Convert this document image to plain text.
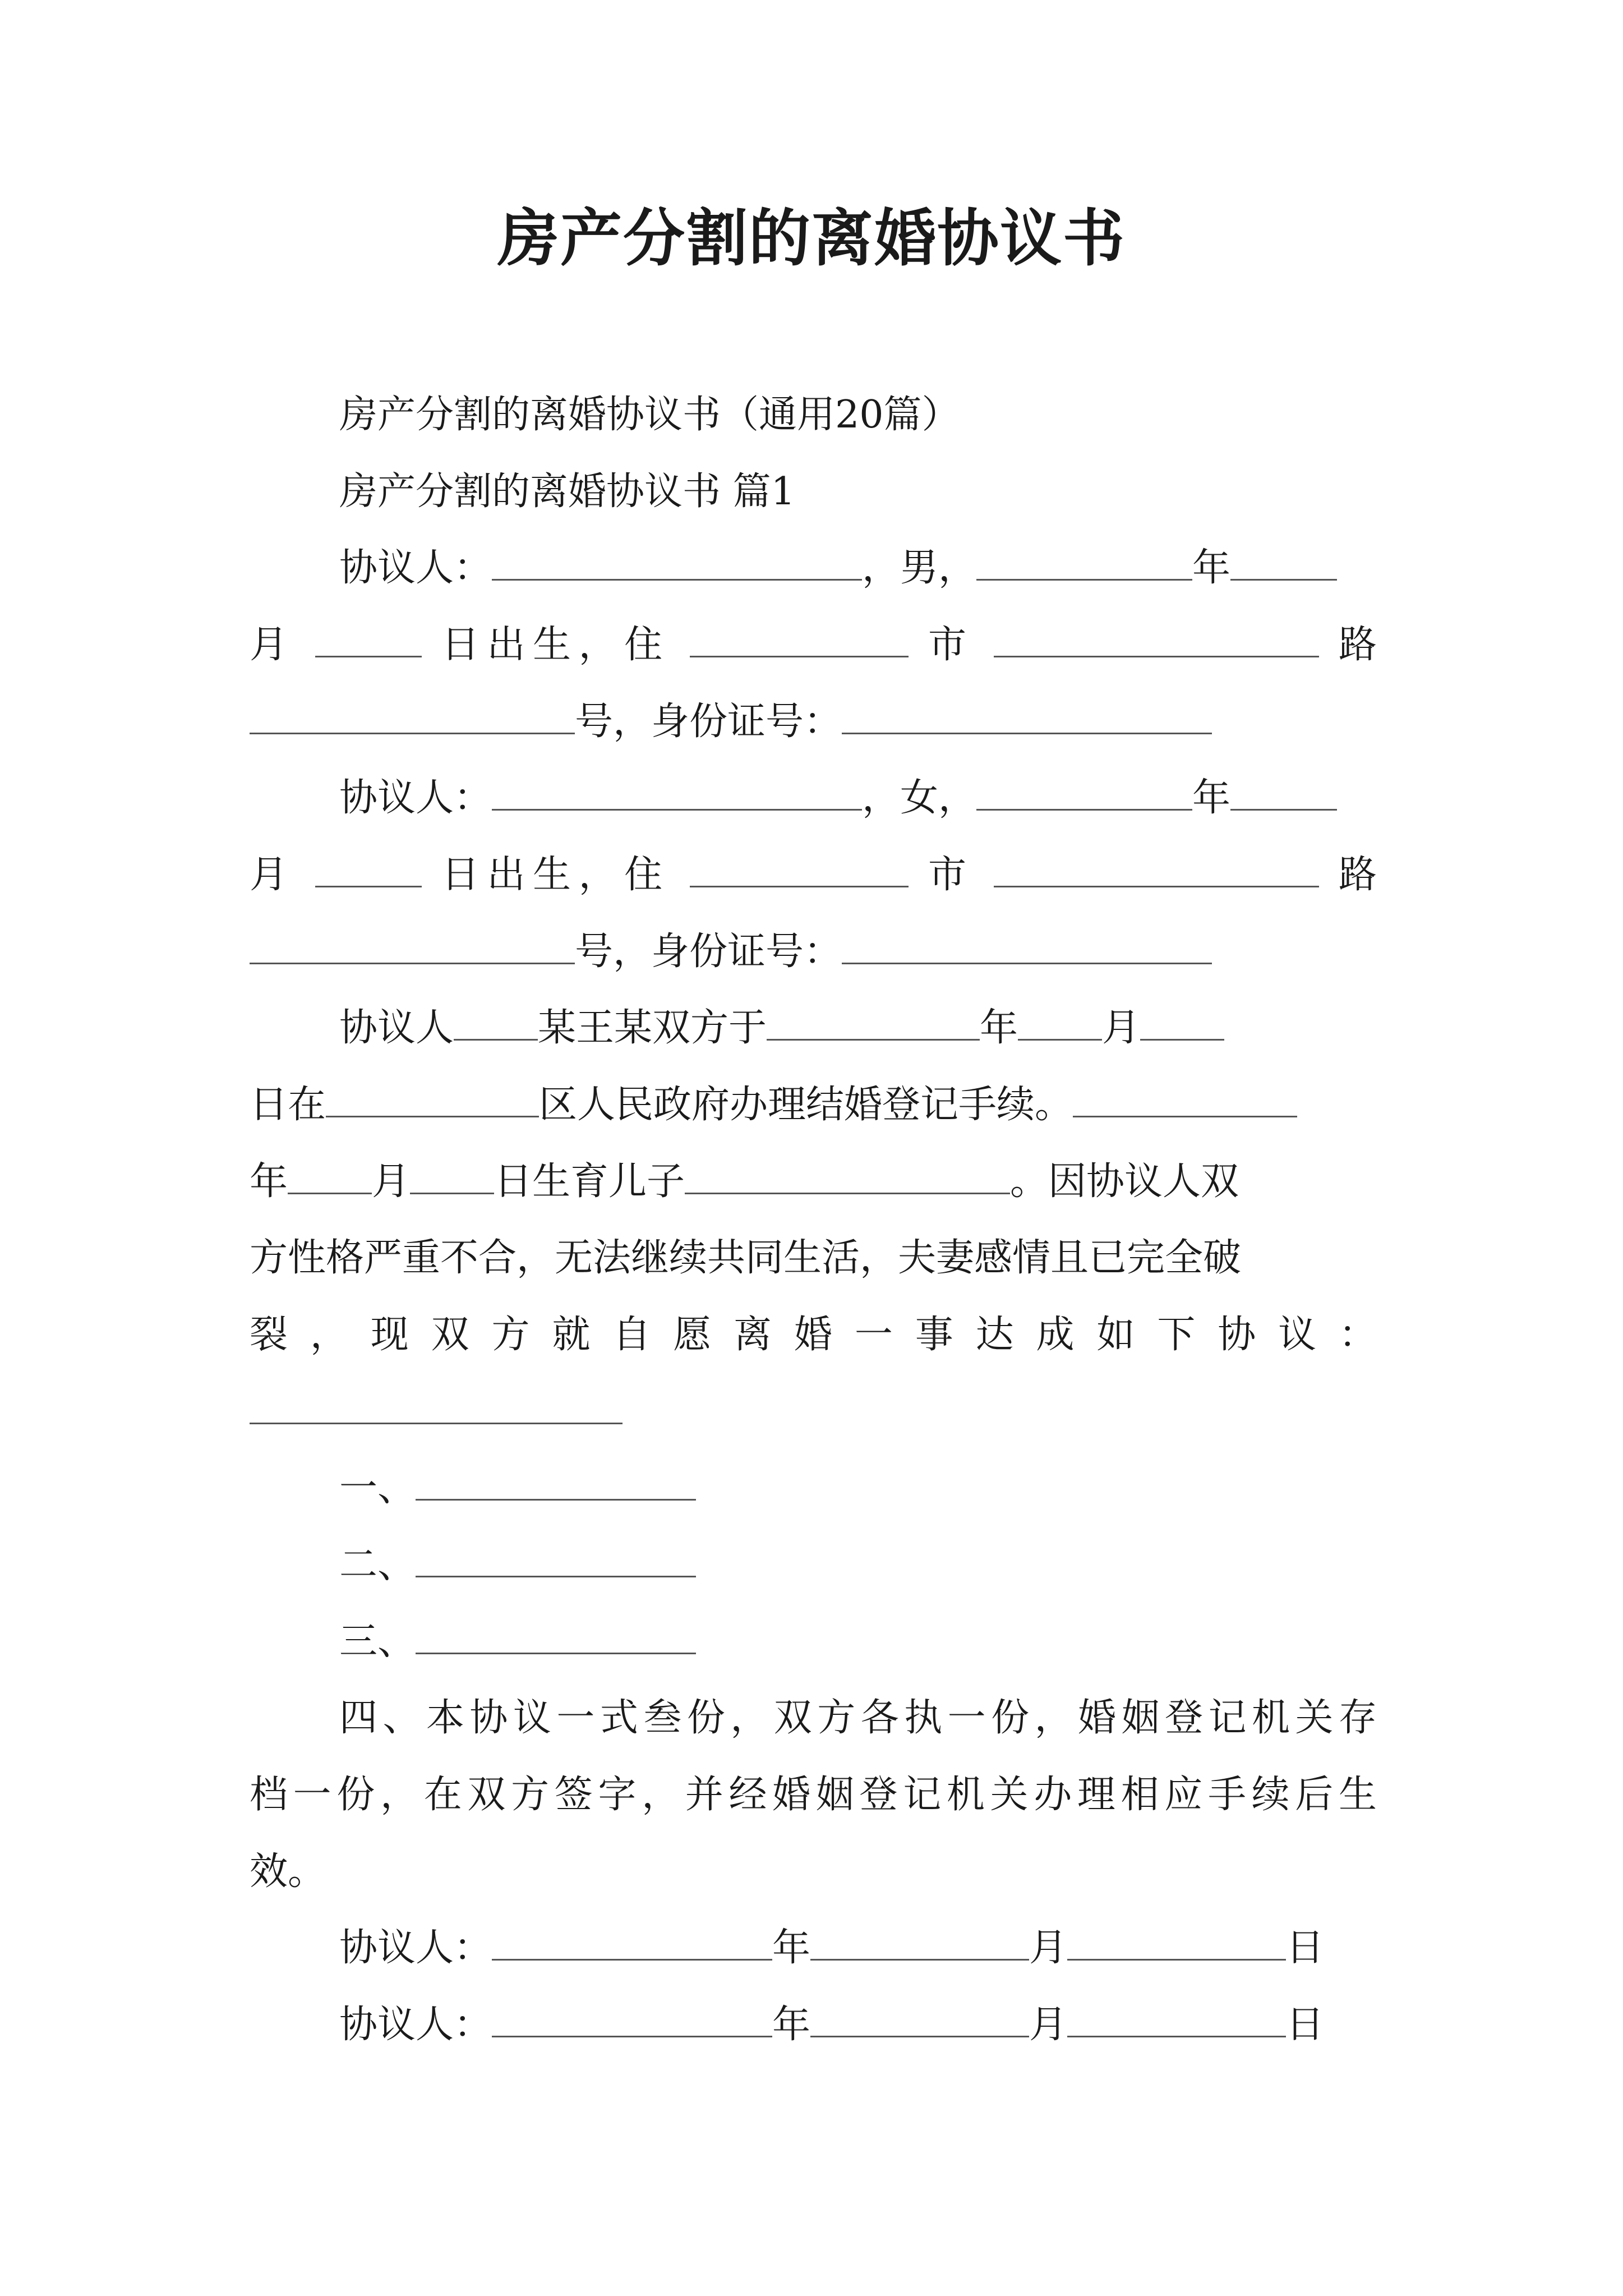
房产分割的离婚协议书
房产分割的离婚协议书（通用20篇）
房产分割的离婚协议书 篇1
协议人：	，男，	年
月	日出生，住	市	路
号，身份证号：
协议人：	，女，	年
月	日出生，住	市	路
号，身份证号：
协议人 某王某双方于	年 月
日在	区人民政府办理结婚登记手续。
年 月 日生育儿子	。因协议人双
方性格严重不合，无法继续共同生活，夫妻感情且已完全破
裂，现双方就自愿离婚一事达成如下协议：
一、
二、
三、
四、本协议一式叁份，双方各执一份，婚姻登记机关存
档一份，在双方签字，并经婚姻登记机关办理相应手续后生
效。
协议人：	年	月	日
协议人：	年	月	日
